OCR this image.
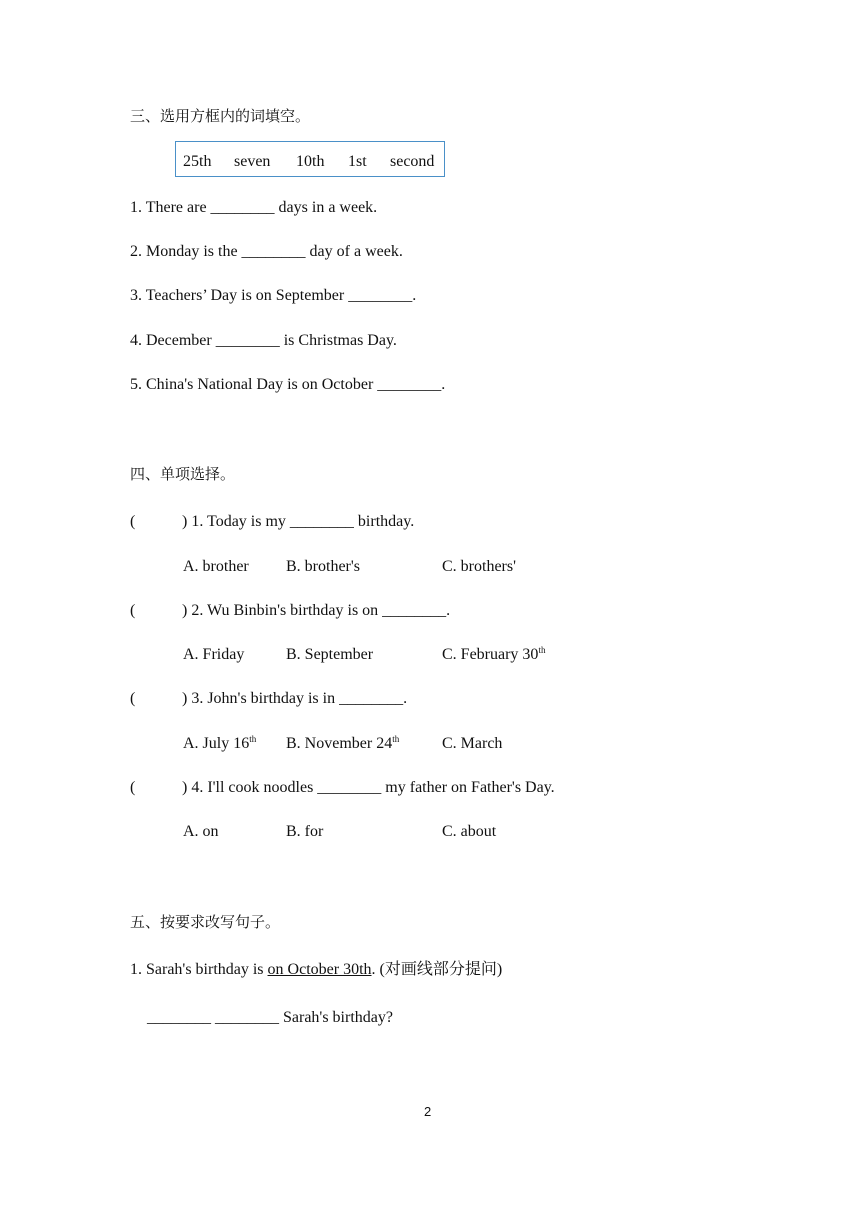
三、选用方框内的词填空。
25th seven 10th 1st second
1. There are ________ days in a week.
2. Monday is the ________ day of a week.
3. Teachers’ Day is on September ________.
4. December ________ is Christmas Day.
5. China's National Day is on October ________.
四、单项选择。
(	) 1. Today is my ________ birthday.
A. brother B. brother's	C. brothers'
(	) 2. Wu Binbin's birthday is on ________.
A. Friday	B. September	C. February 30th
(	) 3. John's birthday is in ________.
A. July 16th B. November 24th	C. March
(	) 4. I'll cook noodles ________ my father on Father's Day.
A. on	B. for	C. about
五、按要求改写句子。
1. Sarah's birthday is on October 30th. (对画线部分提问)
________ ________ Sarah's birthday?
2
